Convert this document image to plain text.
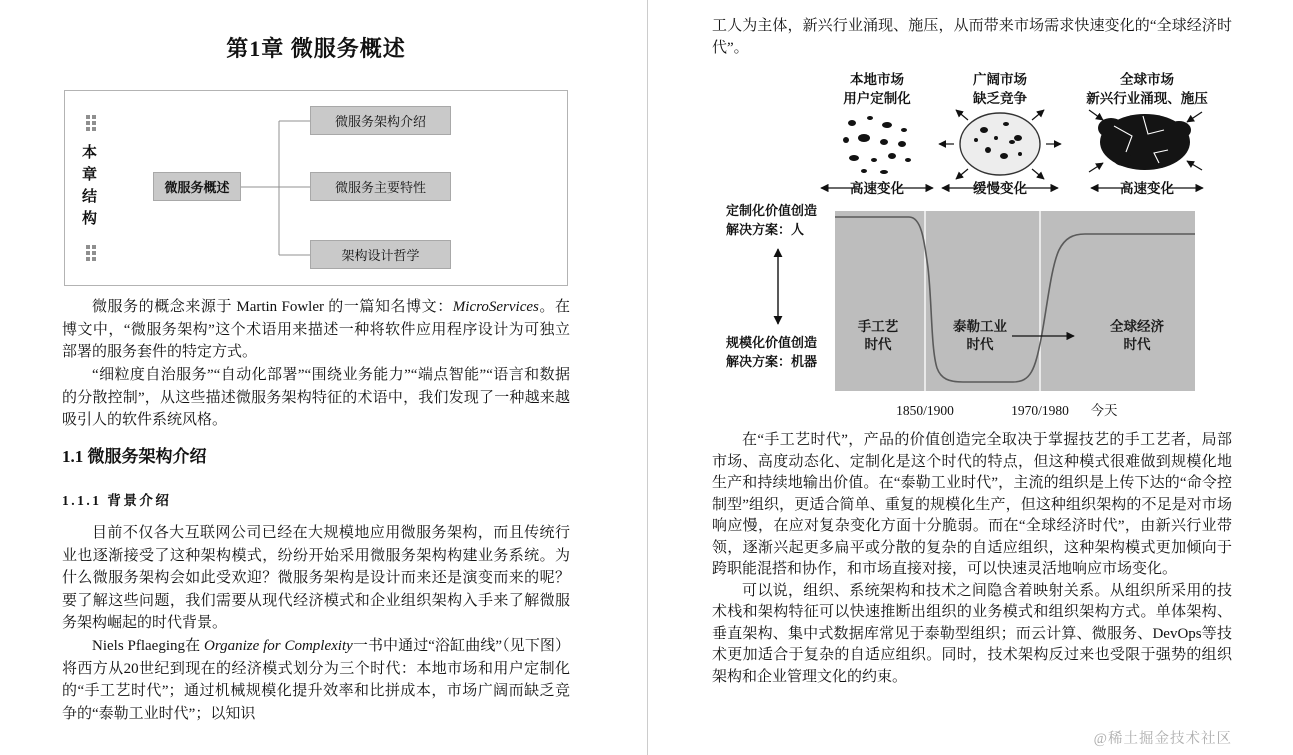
第1章 微服务概述
本章结构	微服务概述
微服务架构介绍
微服务主要特性
架构设计哲学

微服务的概念来源于 Martin Fowler 的一篇知名博文：MicroServices。在博文中，“微服务架构”这个术语用来描述一种将软件应用程序设计为可独立部署的服务套件的特定方式。

“细粒度自治服务”“自动化部署”“围绕业务能力”“端点智能”“语言和数据的分散控制”，从这些描述微服务架构特征的术语中，我们发现了一种越来越吸引人的软件系统风格。

1.1 微服务架构介绍
1.1.1 背景介绍

目前不仅各大互联网公司已经在大规模地应用微服务架构，而且传统行业也逐渐接受了这种架构模式，纷纷开始采用微服务架构构建业务系统。为什么微服务架构会如此受欢迎？微服务架构是设计而来还是演变而来的呢？要了解这些问题，我们需要从现代经济模式和企业组织架构入手来了解微服务架构崛起的时代背景。

Niels Pflaeging在 Organize for Complexity一书中通过“浴缸曲线”（见下图）将西方从20世纪到现在的经济模式划分为三个时代：本地市场和用户定制化的“手工艺时代”；通过机械规模化提升效率和比拼成本，市场广阔而缺乏竞争的“泰勒工业时代”；以知识

工人为主体，新兴行业涌现、施压，从而带来市场需求快速变化的“全球经济时代”。

本地市场
用户定制化
广阔市场
缺乏竞争
全球市场
新兴行业涌现、施压
高速变化	缓慢变化	高速变化
定制化价值创造
解决方案：人
规模化价值创造
解决方案：机器
手工艺
时代
泰勒工业
时代
全球经济
时代
1850/1900	1970/1980 今天

在“手工艺时代”，产品的价值创造完全取决于掌握技艺的手工艺者，局部市场、高度动态化、定制化是这个时代的特点，但这种模式很难做到规模化地生产和持续地输出价值。在“泰勒工业时代”，主流的组织是上传下达的“命令控制型”组织，更适合简单、重复的规模化生产，但这种组织架构的不足是对市场响应慢，在应对复杂变化方面十分脆弱。而在“全球经济时代”，由新兴行业带领，逐渐兴起更多扁平或分散的复杂的自适应组织，这种架构模式更加倾向于跨职能混搭和协作，和市场直接对接，可以快速灵活地响应市场变化。

可以说，组织、系统架构和技术之间隐含着映射关系。从组织所采用的技术栈和架构特征可以快速推断出组织的业务模式和组织架构方式。单体架构、垂直架构、集中式数据库常见于泰勒型组织；而云计算、微服务、DevOps等技术更加适合于复杂的自适应组织。同时，技术架构反过来也受限于强势的组织架构和企业管理文化的约束。

@稀土掘金技术社区
